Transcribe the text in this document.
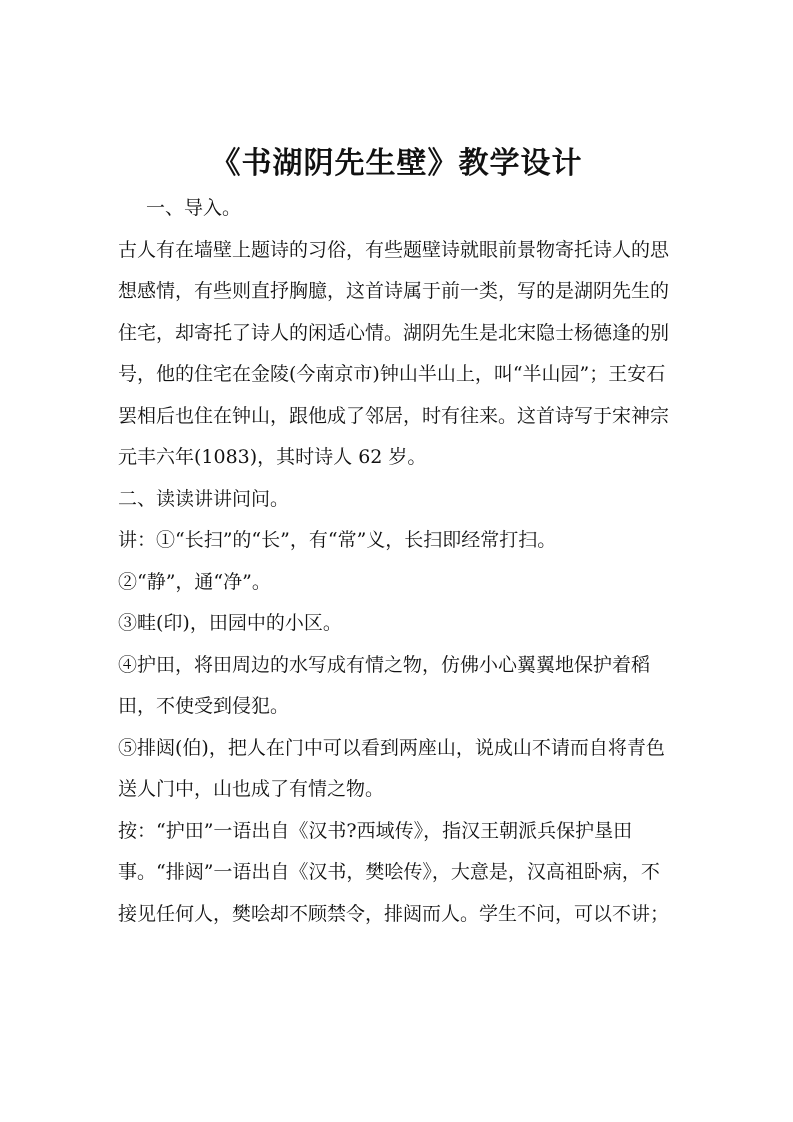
《书湖阴先生壁》教学设计

一、导入。

古人有在墙壁上题诗的习俗，有些题壁诗就眼前景物寄托诗人的思想感情，有些则直抒胸臆，这首诗属于前一类，写的是湖阴先生的住宅，却寄托了诗人的闲适心情。湖阴先生是北宋隐士杨德逢的别号，他的住宅在金陵(今南京市)钟山半山上，叫“半山园”；王安石罢相后也住在钟山，跟他成了邻居，时有往来。这首诗写于宋神宗元丰六年(1083)，其时诗人 62 岁。

二、读读讲讲问问。

讲：①“长扫”的“长”，有“常”义，长扫即经常打扫。

②“静”，通“净”。

③畦(印)，田园中的小区。

④护田，将田周边的水写成有情之物，仿佛小心翼翼地保护着稻田，不使受到侵犯。

⑤排闼(伯)，把人在门中可以看到两座山，说成山不请而自将青色送人门中，山也成了有情之物。

按：“护田”一语出自《汉书?西域传》，指汉王朝派兵保护垦田事。“排闼”一语出自《汉书，樊哙传》，大意是，汉高祖卧病，不接见任何人，樊哙却不顾禁令，排闼而人。学生不问，可以不讲；
